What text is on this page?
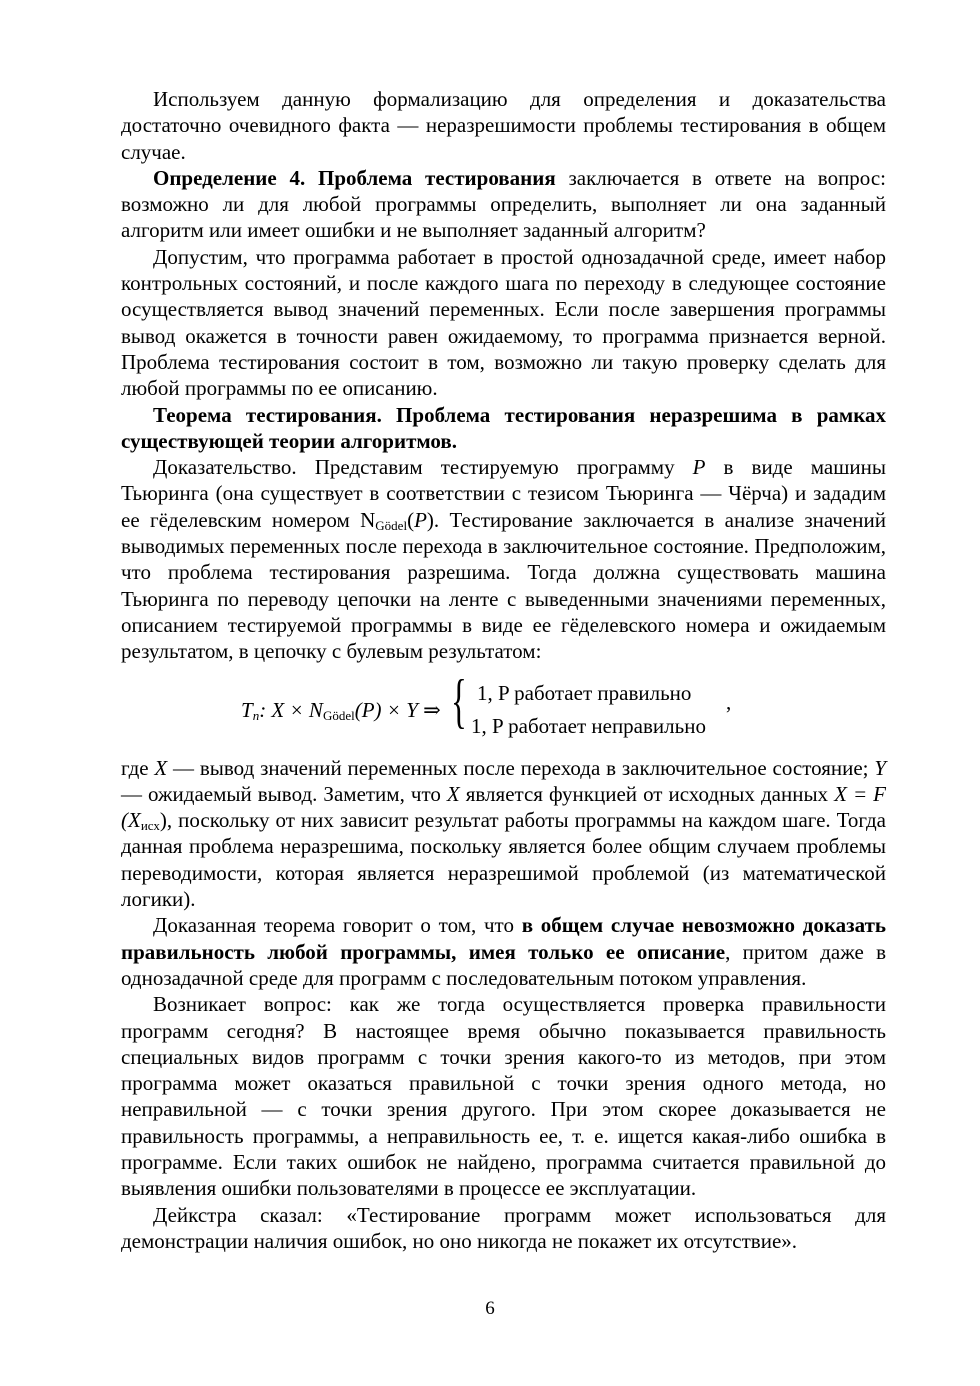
Используем данную формализацию для определения и доказательства достаточно очевидного факта — неразрешимости проблемы тестирования в общем случае.

Определение 4. Проблема тестирования заключается в ответе на вопрос: возможно ли для любой программы определить, выполняет ли она заданный алгоритм или имеет ошибки и не выполняет заданный алгоритм?

Допустим, что программа работает в простой однозадачной среде, имеет набор контрольных состояний, и после каждого шага по переходу в следующее состояние осуществляется вывод значений переменных. Если после завершения программы вывод окажется в точности равен ожидаемому, то программа признается верной. Проблема тестирования состоит в том, возможно ли такую проверку сделать для любой программы по ее описанию.

Теорема тестирования. Проблема тестирования неразрешима в рамках существующей теории алгоритмов.

Доказательство. Представим тестируемую программу P в виде машины Тьюринга (она существует в соответствии с тезисом Тьюринга — Чёрча) и зададим ее гёделевским номером $N_{Gödel}(P)$. Тестирование заключается в анализе значений выводимых переменных после перехода в заключительное состояние. Предположим, что проблема тестирования разрешима. Тогда должна существовать машина Тьюринга по переводу цепочки на ленте с выведенными значениями переменных, описанием тестируемой программы в виде ее гёделевского номера и ожидаемым результатом, в цепочку с булевым результатом:

$T_n$: $X \times N_{Gödel}(P) \times Y$ ⇒ { 1, P работает правильно
1, P работает неправильно
,

где X — вывод значений переменных после перехода в заключительное состояние; Y — ожидаемый вывод. Заметим, что X является функцией от исходных данных X = F $(X_{исх})$, поскольку от них зависит результат работы программы на каждом шаге. Тогда данная проблема неразрешима, поскольку является более общим случаем проблемы переводимости, которая является неразрешимой проблемой (из математической логики).

Доказанная теорема говорит о том, что в общем случае невозможно доказать правильность любой программы, имея только ее описание, притом даже в однозадачной среде для программ с последовательным потоком управления.

Возникает вопрос: как же тогда осуществляется проверка правильности программ сегодня? В настоящее время обычно показывается правильность специальных видов программ с точки зрения какого-то из методов, при этом программа может оказаться правильной с точки зрения одного метода, но неправильной — с точки зрения другого. При этом скорее доказывается не правильность программы, а неправильность ее, т. е. ищется какая-либо ошибка в программе. Если таких ошибок не найдено, программа считается правильной до выявления ошибки пользователями в процессе ее эксплуатации.

Дейкстра сказал: «Тестирование программ может использоваться для демонстрации наличия ошибок, но оно никогда не покажет их отсутствие».

6
